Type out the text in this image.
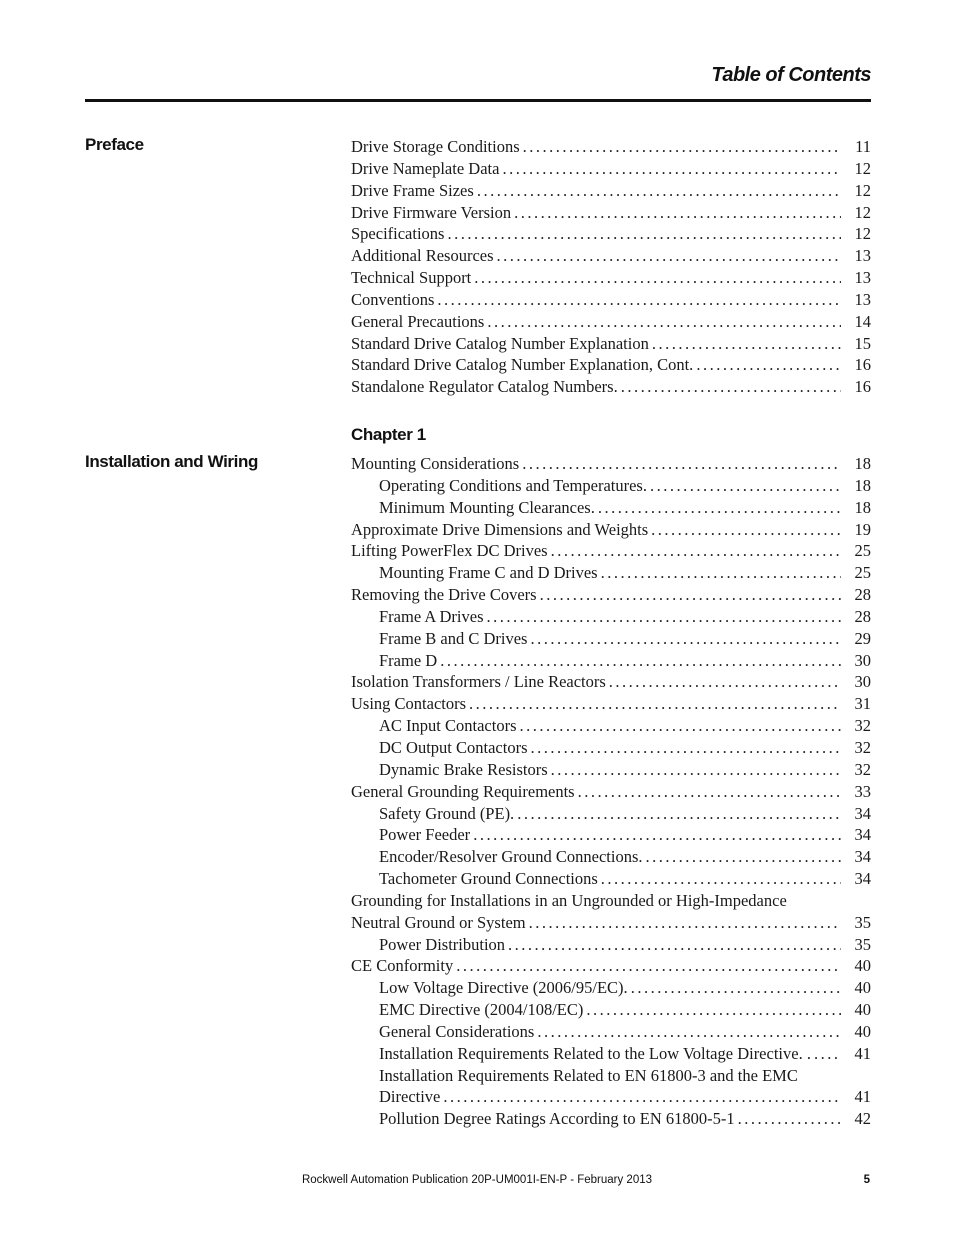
Table of Contents
Preface	Drive Storage Conditions .....	11
Drive Nameplate Data .....	12
Drive Frame Sizes .....	12
Drive Firmware Version .....	12
Specifications .....	12
Additional Resources .....	13
Technical Support .....	13
Conventions .....	13
General Precautions .....	14
Standard Drive Catalog Number Explanation .....	15
Standard Drive Catalog Number Explanation, Cont. .....	16
Standalone Regulator Catalog Numbers. .....	16
Chapter 1
Installation and Wiring	Mounting Considerations .....	18
Operating Conditions and Temperatures. .....	18
Minimum Mounting Clearances. .....	18
Approximate Drive Dimensions and Weights .....	19
Lifting PowerFlex DC Drives .....	25
Mounting Frame C and D Drives .....	25
Removing the Drive Covers .....	28
Frame A Drives .....	28
Frame B and C Drives .....	29
Frame D .....	30
Isolation Transformers / Line Reactors .....	30
Using Contactors .....	31
AC Input Contactors .....	32
DC Output Contactors .....	32
Dynamic Brake Resistors .....	32
General Grounding Requirements .....	33
Safety Ground (PE). .....	34
Power Feeder .....	34
Encoder/Resolver Ground Connections. .....	34
Tachometer Ground Connections .....	34
Grounding for Installations in an Ungrounded or High-Impedance
Neutral Ground or System .....	35
Power Distribution .....	35
CE Conformity .....	40
Low Voltage Directive (2006/95/EC). .....	40
EMC Directive (2004/108/EC) .....	40
General Considerations .....	40
Installation Requirements Related to the Low Voltage Directive. . .....	41
Installation Requirements Related to EN 61800-3 and the EMC
Directive .....	41
Pollution Degree Ratings According to EN 61800-5-1 .....	42
Rockwell Automation Publication 20P-UM001I-EN-P - February 2013	5
